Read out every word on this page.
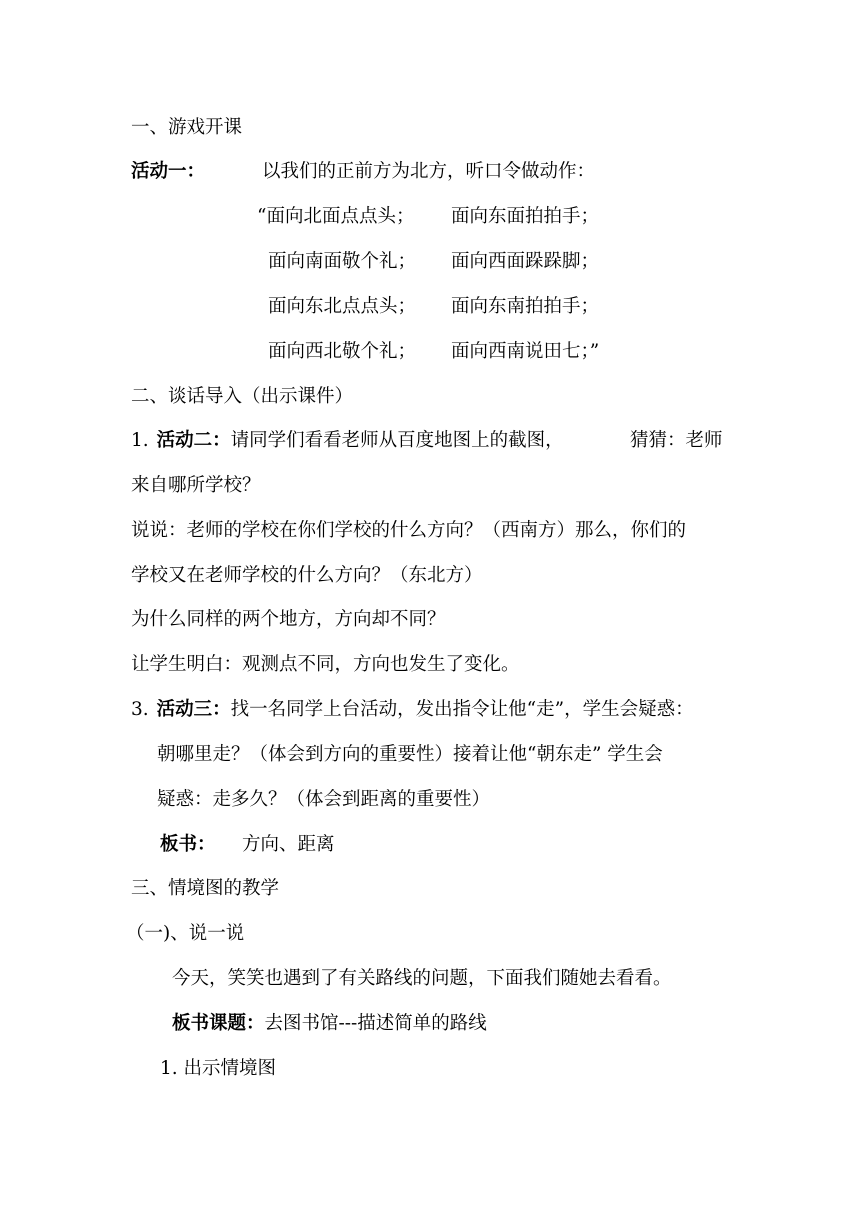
一、游戏开课
活动一：	以我们的正前方为北方，听口令做动作：
“面向北面点点头； 面向东面拍拍手；
面向南面敬个礼； 面向西面跺跺脚；
面向东北点点头； 面向东南拍拍手；
面向西北敬个礼； 面向西南说田七；”
二、谈话导入（出示课件）
1. 活动二：请同学们看看老师从百度地图上的截图，	猜猜：老师
来自哪所学校？
说说：老师的学校在你们学校的什么方向？（西南方）那么，你们的
学校又在老师学校的什么方向？（东北方）
为什么同样的两个地方，方向却不同？
让学生明白：观测点不同，方向也发生了变化。
3. 活动三：找一名同学上台活动，发出指令让他“走”，学生会疑惑：
朝哪里走？（体会到方向的重要性）接着让他“朝东走” 学生会
疑惑：走多久？（体会到距离的重要性）
板书： 方向、距离
三、情境图的教学
（一)、说一说
今天，笑笑也遇到了有关路线的问题，下面我们随她去看看。
板书课题：去图书馆---描述简单的路线
1. 出示情境图
